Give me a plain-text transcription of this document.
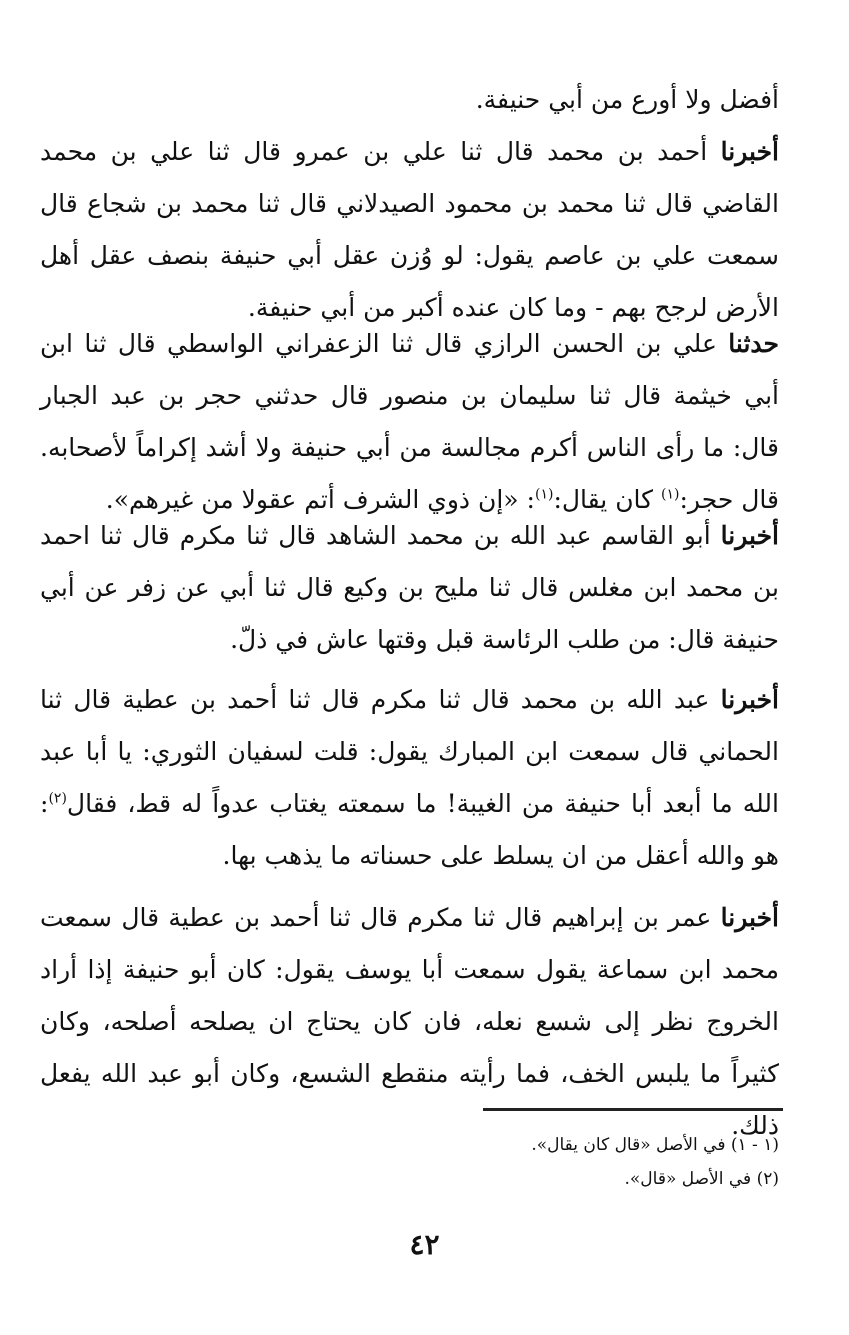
أفضل ولا أورع من أبي حنيفة.

أخبرنا أحمد بن محمد قال ثنا علي بن عمرو قال ثنا علي بن محمد القاضي قال ثنا محمد بن محمود الصيدلاني قال ثنا محمد بن شجاع قال سمعت علي بن عاصم يقول: لو وُزن عقل أبي حنيفة بنصف عقل أهل الأرض لرجح بهم - وما كان عنده أكبر من أبي حنيفة.

حدثنا علي بن الحسن الرازي قال ثنا الزعفراني الواسطي قال ثنا ابن أبي خيثمة قال ثنا سليمان بن منصور قال حدثني حجر بن عبد الجبار قال: ما رأى الناس أكرم مجالسة من أبي حنيفة ولا أشد إكراماً لأصحابه. قال حجر:$^{(١)}$ كان يقال:$^{(١)}$: «إن ذوي الشرف أتم عقولا من غيرهم».

أخبرنا أبو القاسم عبد الله بن محمد الشاهد قال ثنا مكرم قال ثنا احمد بن محمد ابن مغلس قال ثنا مليح بن وكيع قال ثنا أبي عن زفر عن أبي حنيفة قال: من طلب الرئاسة قبل وقتها عاش في ذلّ.

أخبرنا عبد الله بن محمد قال ثنا مكرم قال ثنا أحمد بن عطية قال ثنا الحماني قال سمعت ابن المبارك يقول: قلت لسفيان الثوري: يا أبا عبد الله ما أبعد أبا حنيفة من الغيبة! ما سمعته يغتاب عدواً له قط، فقال$^{(٢)}$: هو والله أعقل من ان يسلط على حسناته ما يذهب بها.

أخبرنا عمر بن إبراهيم قال ثنا مكرم قال ثنا أحمد بن عطية قال سمعت محمد ابن سماعة يقول سمعت أبا يوسف يقول: كان أبو حنيفة إذا أراد الخروج نظر إلى شسع نعله، فان كان يحتاج ان يصلحه أصلحه، وكان كثيراً ما يلبس الخف، فما رأيته منقطع الشسع، وكان أبو عبد الله يفعل ذلك.

(١ - ١) في الأصل «قال كان يقال».

(٢) في الأصل «قال».

٤٢
